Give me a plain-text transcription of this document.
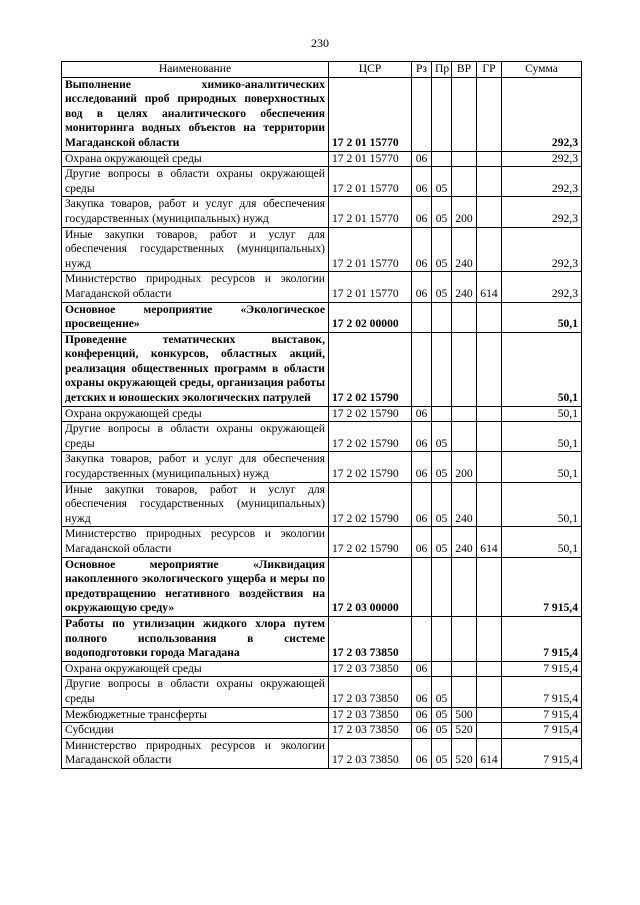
230
Наименование	ЦСР	Рз	Пр	ВР	ГР	Сумма
Выполнение химико-аналитических исследований проб природных поверхностных вод в целях аналитического обеспечения мониторинга водных объектов на территории Магаданской области	17 2 01 15770					292,3
Охрана окружающей среды	17 2 01 15770	06				292,3
Другие вопросы в области охраны окружающей среды	17 2 01 15770	06	05			292,3
Закупка товаров, работ и услуг для обеспечения государственных (муниципальных) нужд	17 2 01 15770	06	05	200		292,3
Иные закупки товаров, работ и услуг для обеспечения государственных (муниципальных) нужд	17 2 01 15770	06	05	240		292,3
Министерство природных ресурсов и экологии Магаданской области	17 2 01 15770	06	05	240	614	292,3
Основное мероприятие «Экологическое просвещение»	17 2 02 00000					50,1
Проведение тематических выставок, конференций, конкурсов, областных акций, реализация общественных программ в области охраны окружающей среды, организация работы детских и юношеских экологических патрулей	17 2 02 15790					50,1
Охрана окружающей среды	17 2 02 15790	06				50,1
Другие вопросы в области охраны окружающей среды	17 2 02 15790	06	05			50,1
Закупка товаров, работ и услуг для обеспечения государственных (муниципальных) нужд	17 2 02 15790	06	05	200		50,1
Иные закупки товаров, работ и услуг для обеспечения государственных (муниципальных) нужд	17 2 02 15790	06	05	240		50,1
Министерство природных ресурсов и экологии Магаданской области	17 2 02 15790	06	05	240	614	50,1
Основное мероприятие «Ликвидация накопленного экологического ущерба и меры по предотвращению негативного воздействия на окружающую среду»	17 2 03 00000					7 915,4
Работы по утилизации жидкого хлора путем полного использования в системе водоподготовки города Магадана	17 2 03 73850					7 915,4
Охрана окружающей среды	17 2 03 73850	06				7 915,4
Другие вопросы в области охраны окружающей среды	17 2 03 73850	06	05			7 915,4
Межбюджетные трансферты	17 2 03 73850	06	05	500		7 915,4
Субсидии	17 2 03 73850	06	05	520		7 915,4
Министерство природных ресурсов и экологии Магаданской области	17 2 03 73850	06	05	520	614	7 915,4
